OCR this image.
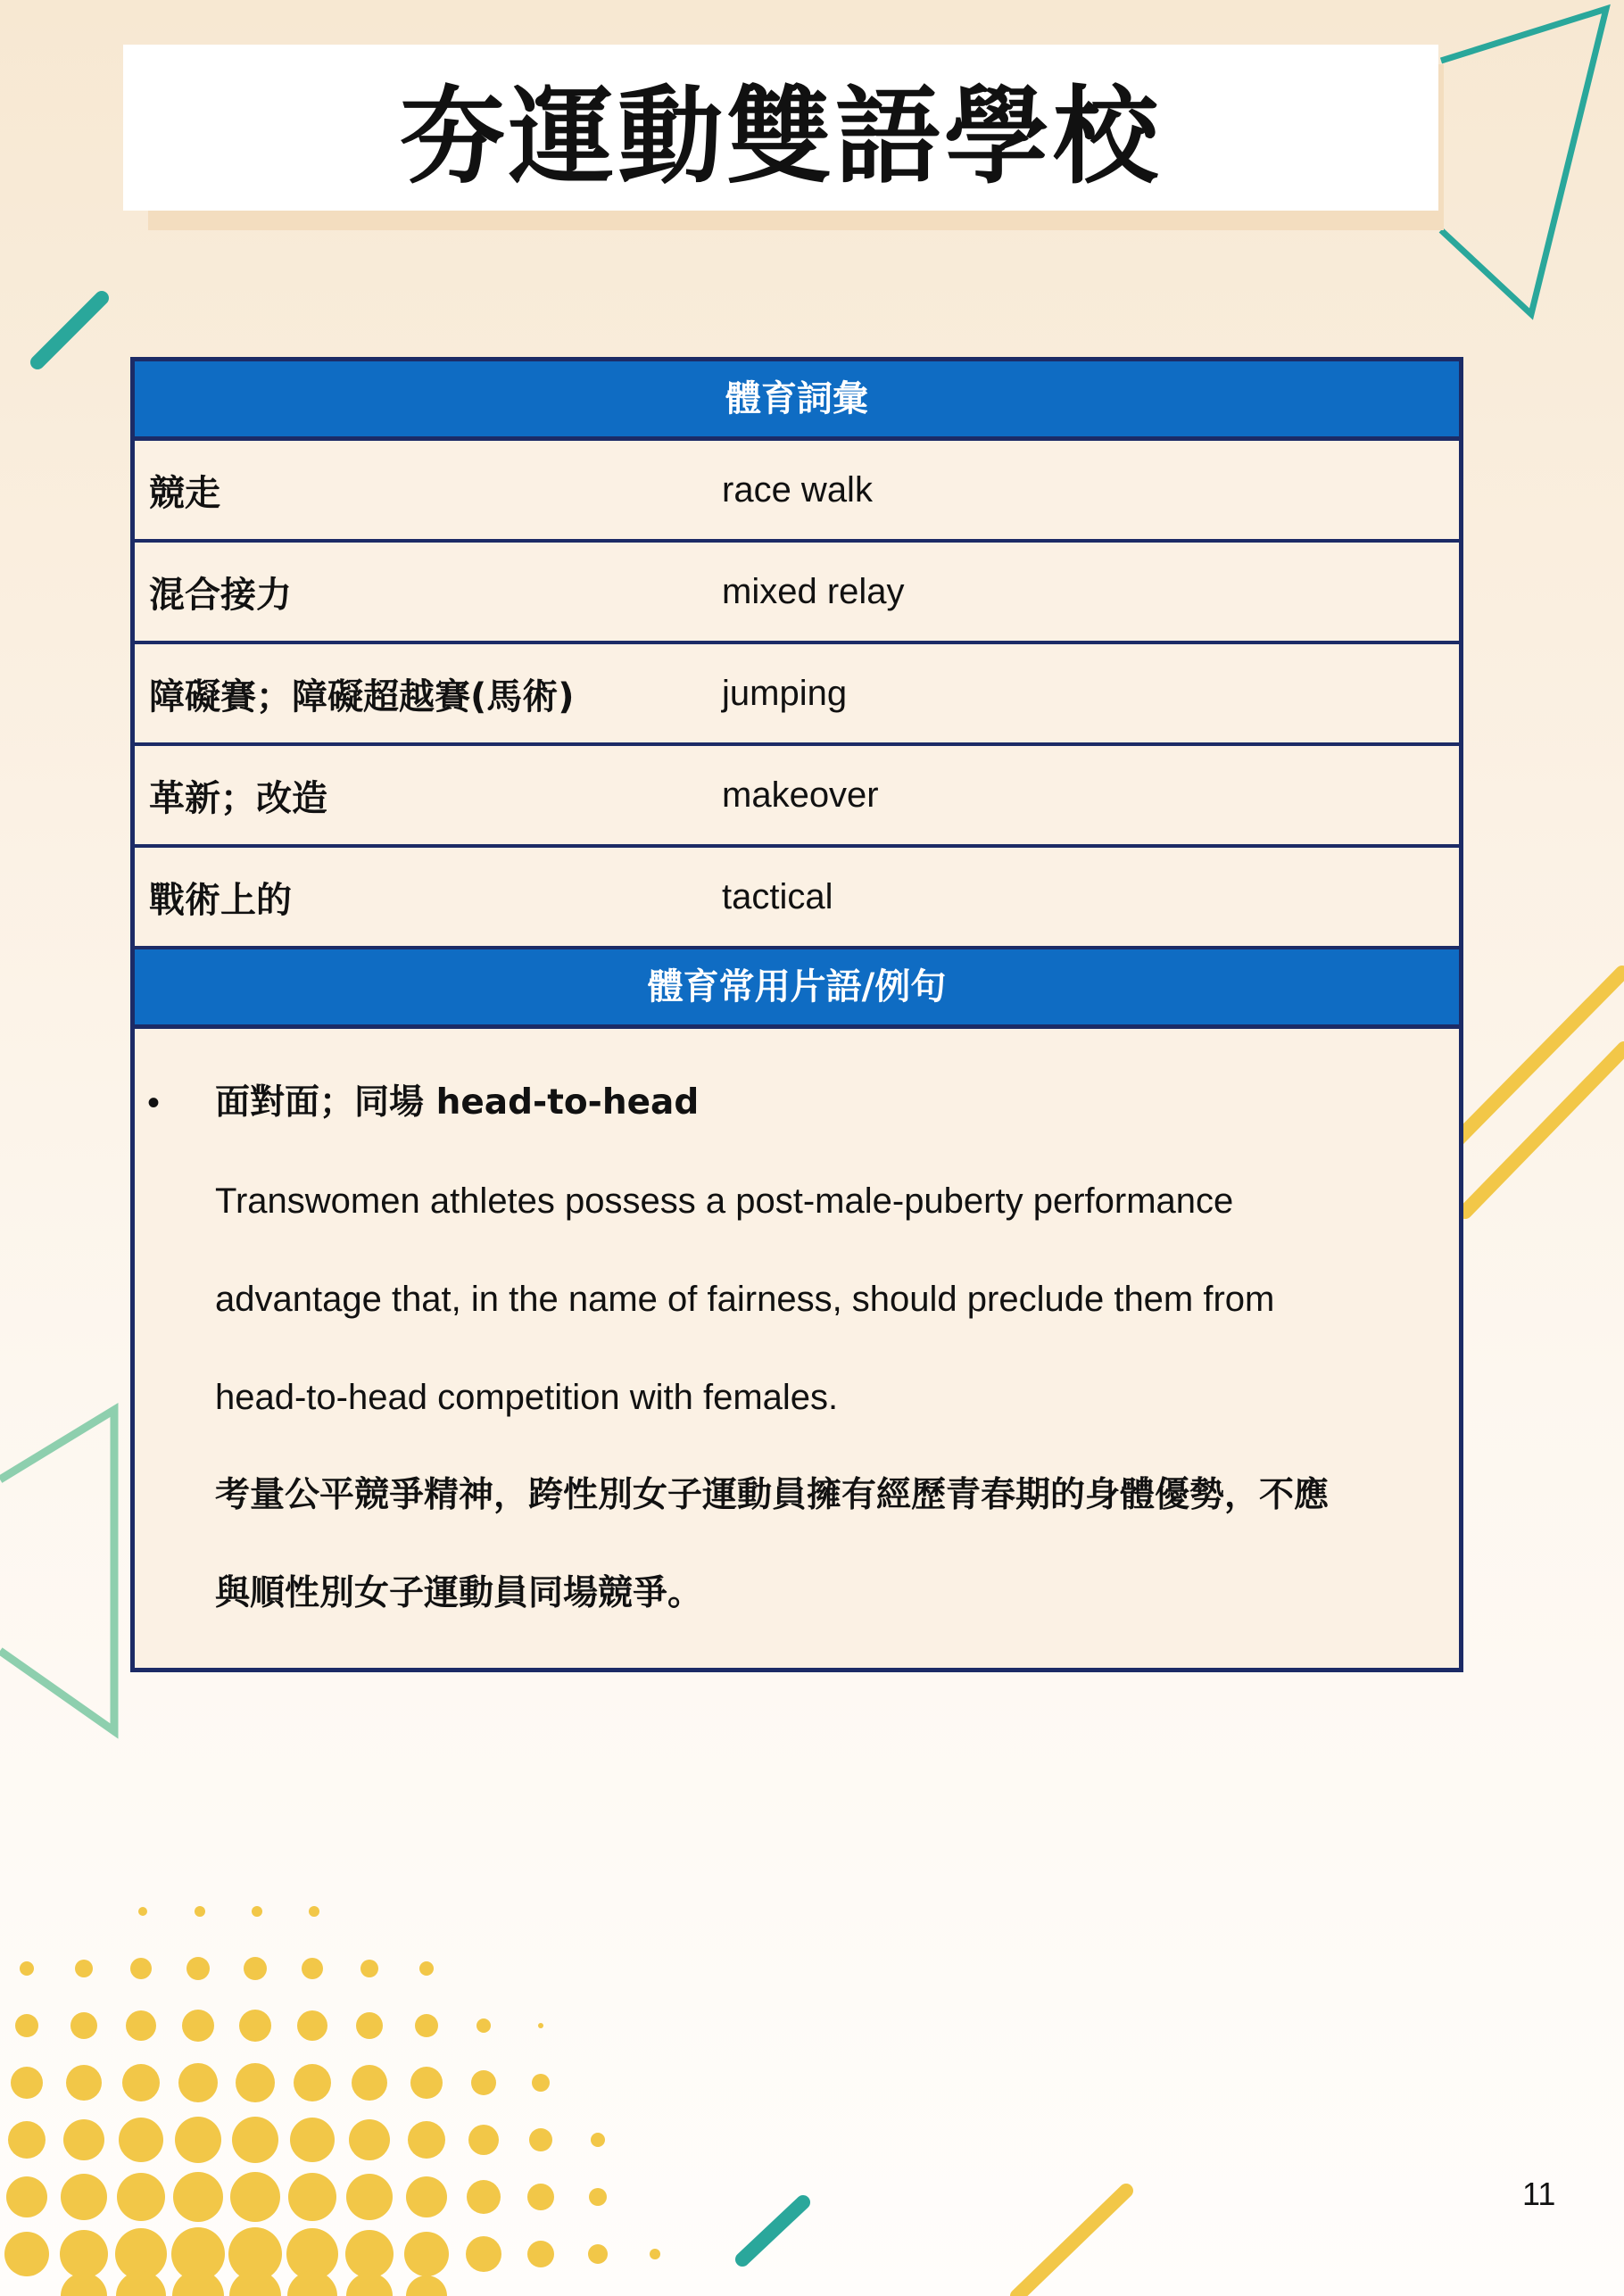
夯運動雙語學校
體育詞彙
競走	race walk
混合接力	mixed relay
障礙賽；障礙超越賽(馬術)	jumping
革新；改造	makeover
戰術上的	tactical
體育常用片語/例句
• 面對面；同場 head-to-head
Transwomen athletes possess a post-male-puberty performance
advantage that, in the name of fairness, should preclude them from
head-to-head competition with females.
考量公平競爭精神，跨性別女子運動員擁有經歷青春期的身體優勢，不應
與順性別女子運動員同場競爭。
11
